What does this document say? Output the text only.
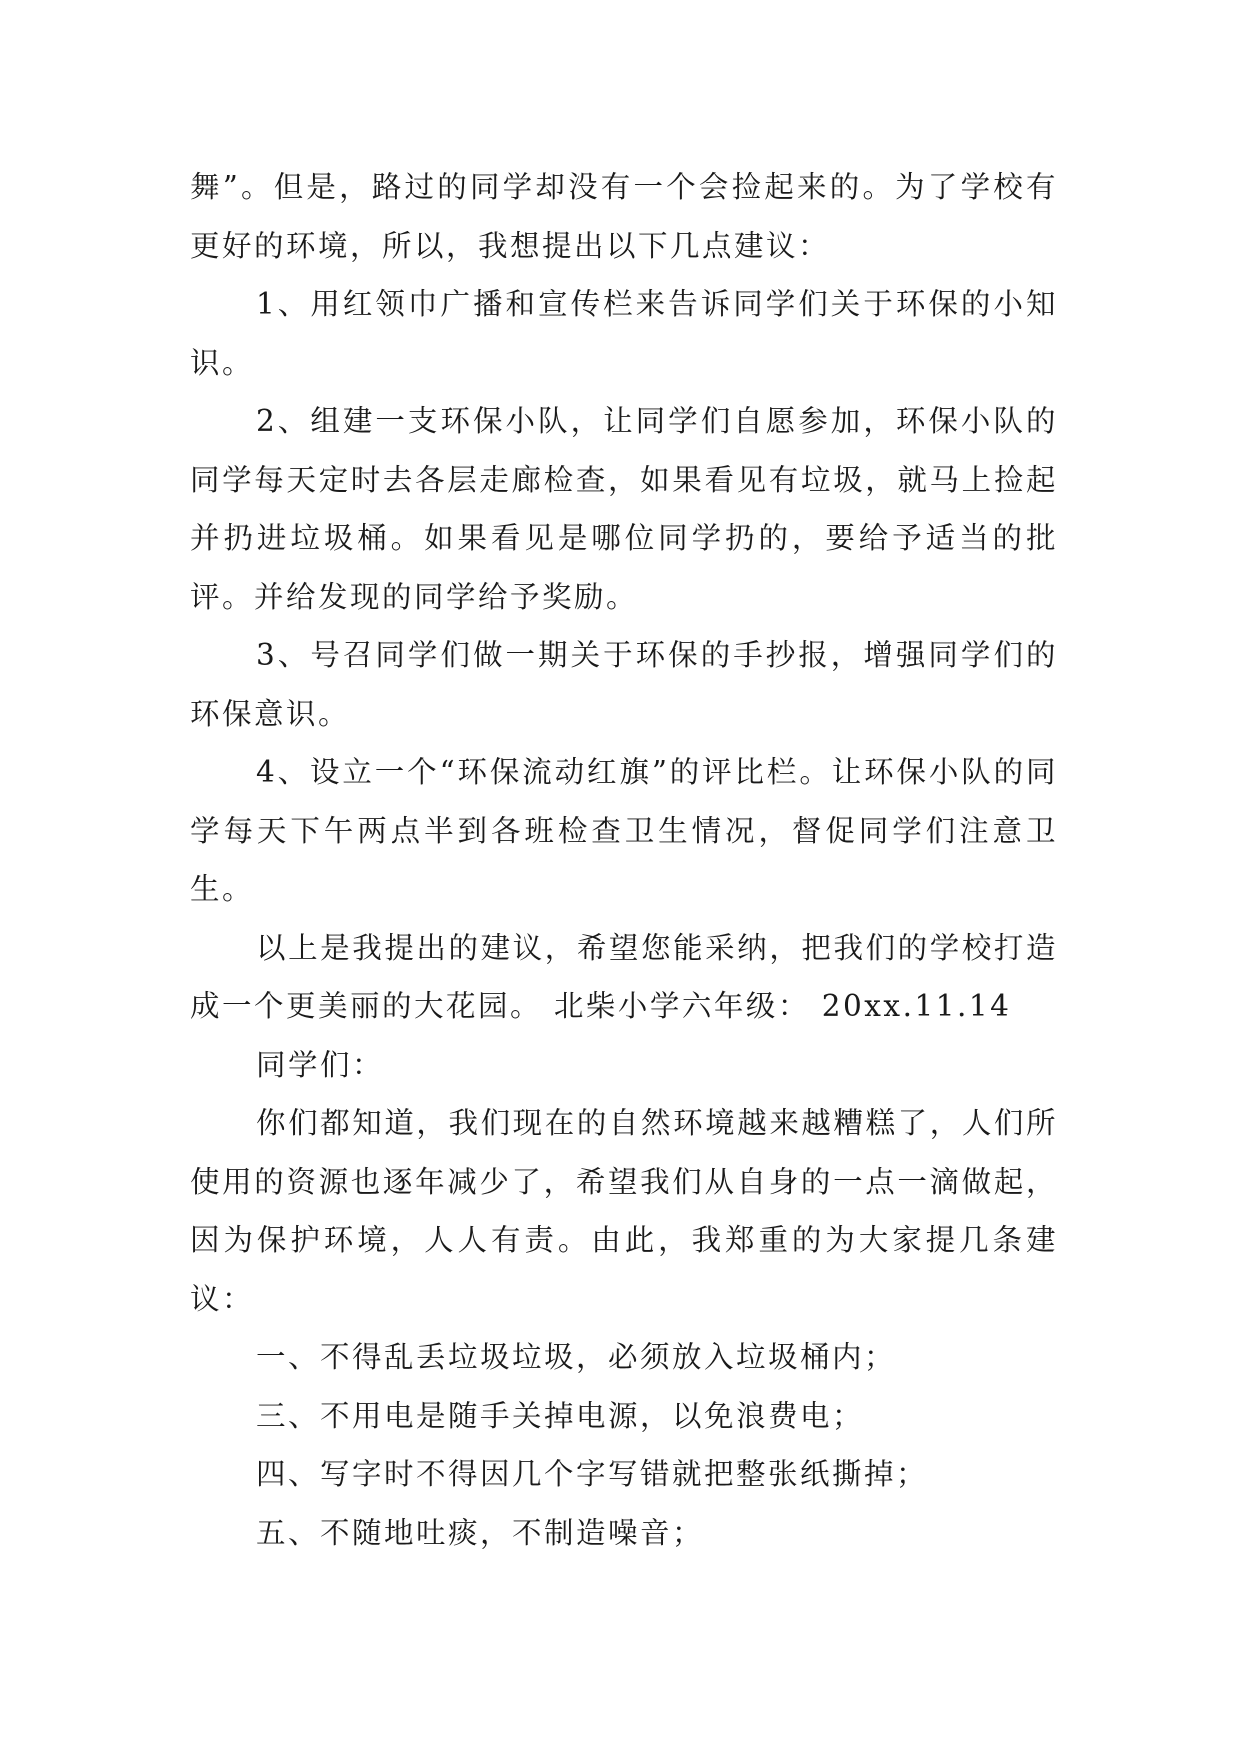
舞”。但是，路过的同学却没有一个会捡起来的。为了学校有更好的环境，所以，我想提出以下几点建议：

1、用红领巾广播和宣传栏来告诉同学们关于环保的小知识。

2、组建一支环保小队，让同学们自愿参加，环保小队的同学每天定时去各层走廊检查，如果看见有垃圾，就马上捡起并扔进垃圾桶。如果看见是哪位同学扔的，要给予适当的批评。并给发现的同学给予奖励。

3、号召同学们做一期关于环保的手抄报，增强同学们的环保意识。

4、设立一个“环保流动红旗”的评比栏。让环保小队的同学每天下午两点半到各班检查卫生情况，督促同学们注意卫生。

以上是我提出的建议，希望您能采纳，把我们的学校打造成一个更美丽的大花园。 北柴小学六年级： 20xx.11.14

同学们：

你们都知道，我们现在的自然环境越来越糟糕了，人们所使用的资源也逐年减少了，希望我们从自身的一点一滴做起，因为保护环境，人人有责。由此，我郑重的为大家提几条建议：

一、不得乱丢垃圾垃圾，必须放入垃圾桶内；

三、不用电是随手关掉电源，以免浪费电；

四、写字时不得因几个字写错就把整张纸撕掉；

五、不随地吐痰，不制造噪音；
